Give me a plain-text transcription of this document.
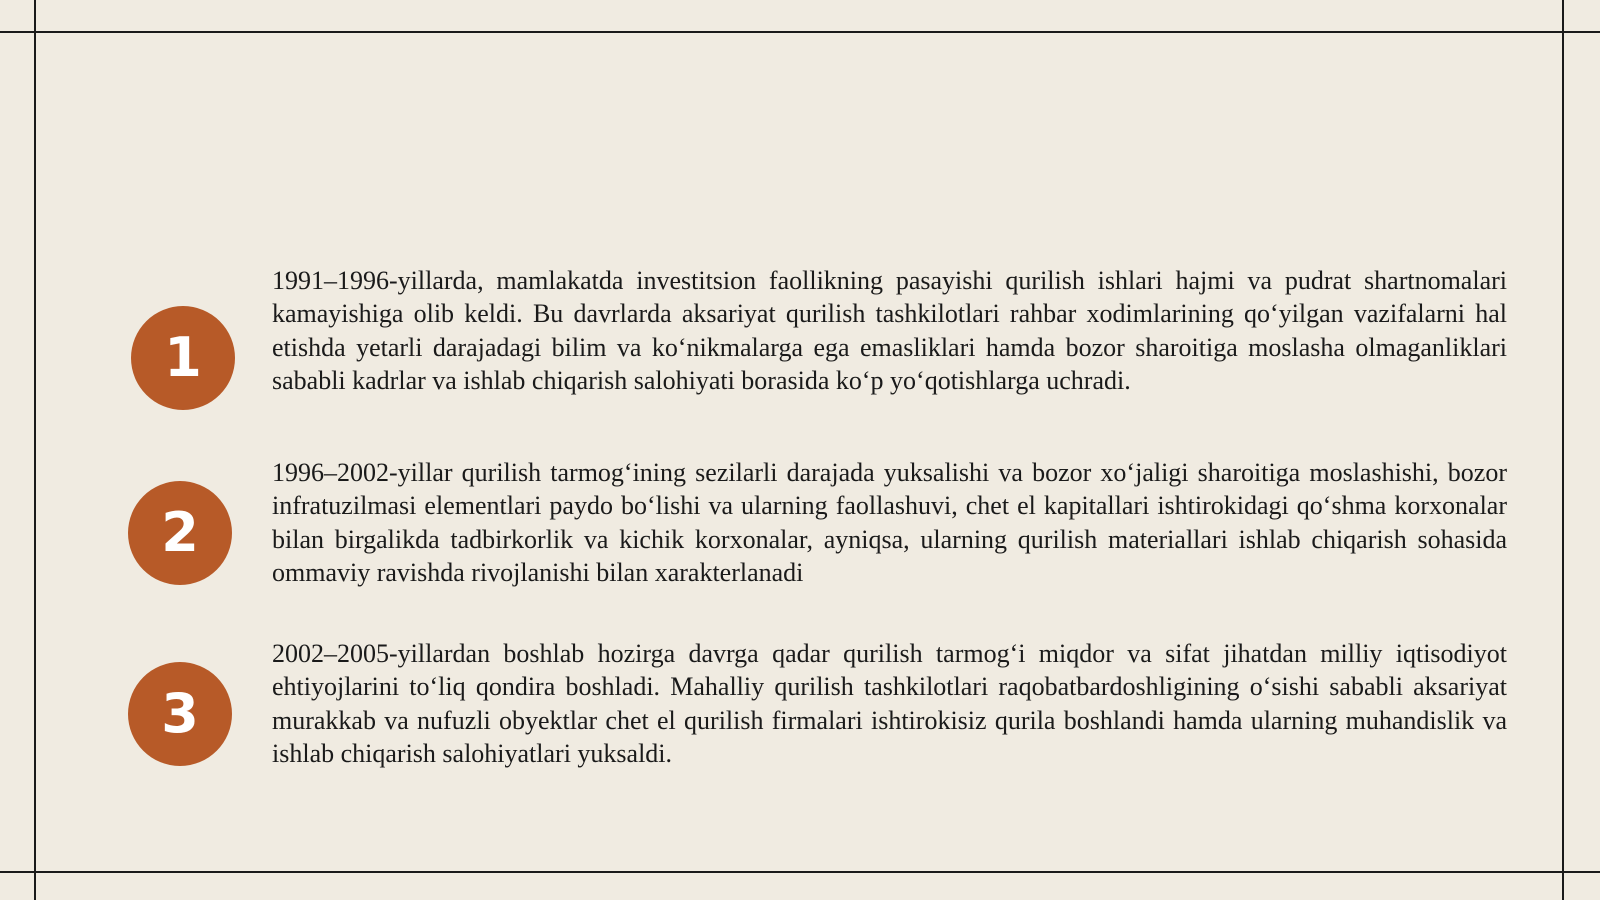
1

1991–1996-yillarda, mamlakatda investitsion faollikning pasayishi qurilish ishlari hajmi va pudrat shartnomalari kamayishiga olib keldi. Bu davrlarda aksariyat qurilish tashkilotlari rahbar xodimlarining qo‘yilgan vazifalarni hal etishda yetarli darajadagi bilim va ko‘nikmalarga ega emasliklari hamda bozor sharoitiga moslasha olmaganliklari sababli kadrlar va ishlab chiqarish salohiyati borasida ko‘p yo‘qotishlarga uchradi.

2

1996–2002-yillar qurilish tarmog‘ining sezilarli darajada yuksalishi va bozor xo‘jaligi sharoitiga moslashishi, bozor infratuzilmasi elementlari paydo bo‘lishi va ularning faollashuvi, chet el kapitallari ishtirokidagi qo‘shma korxonalar bilan birgalikda tadbirkorlik va kichik korxonalar, ayniqsa, ularning qurilish materiallari ishlab chiqarish sohasida ommaviy ravishda rivojlanishi bilan xarakterlanadi

3

2002–2005-yillardan boshlab hozirga davrga qadar qurilish tarmog‘i miqdor va sifat jihatdan milliy iqtisodiyot ehtiyojlarini to‘liq qondira boshladi. Mahalliy qurilish tashkilotlari raqobatbardoshligining o‘sishi sababli aksariyat murakkab va nufuzli obyektlar chet el qurilish firmalari ishtirokisiz qurila boshlandi hamda ularning muhandislik va ishlab chiqarish salohiyatlari yuksaldi.
